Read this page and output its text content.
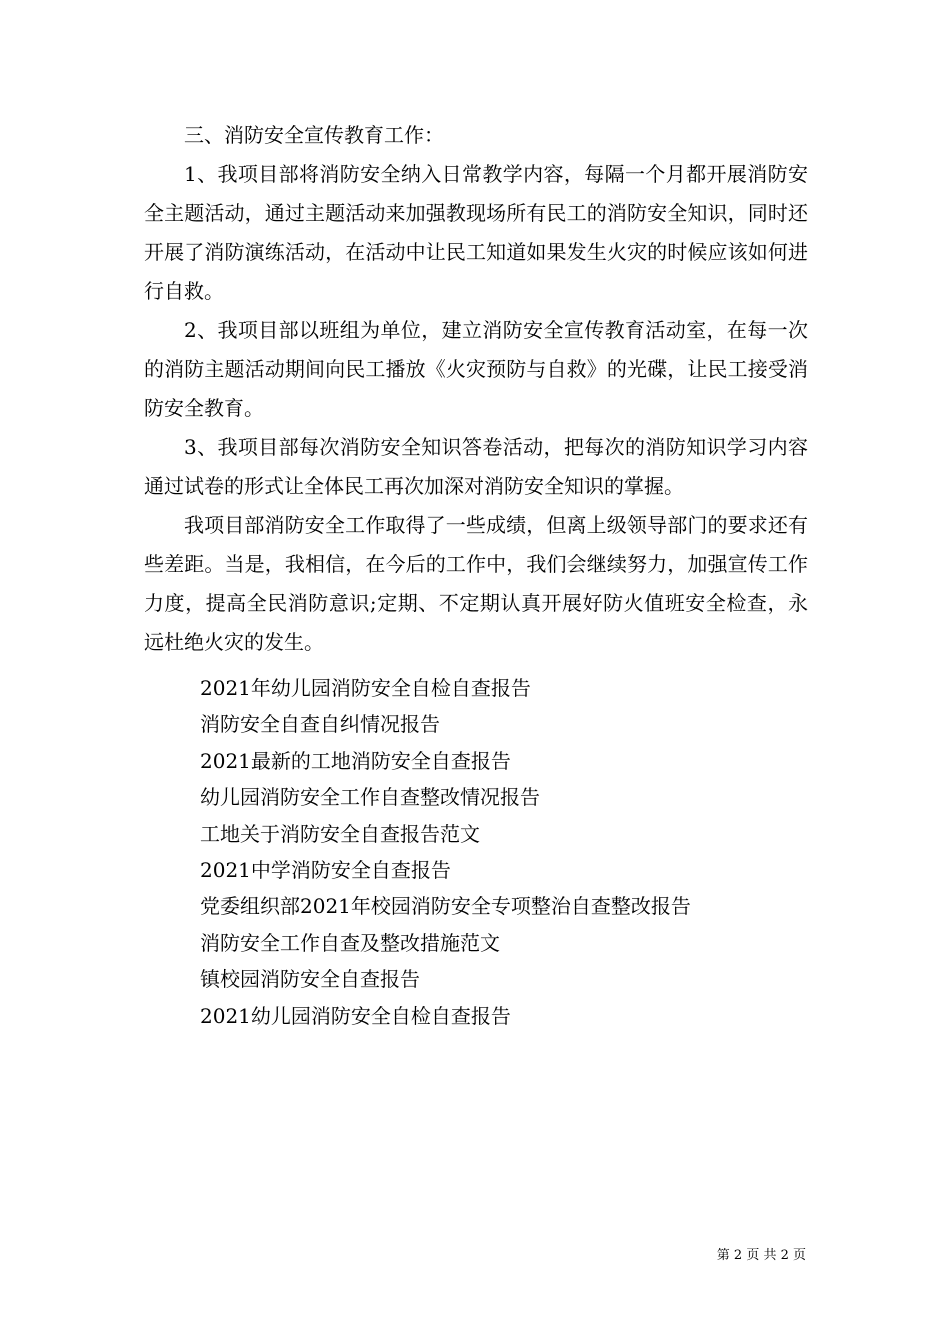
三、消防安全宣传教育工作：

1、我项目部将消防安全纳入日常教学内容，每隔一个月都开展消防安全主题活动，通过主题活动来加强教现场所有民工的消防安全知识，同时还开展了消防演练活动，在活动中让民工知道如果发生火灾的时候应该如何进行自救。

2、我项目部以班组为单位，建立消防安全宣传教育活动室，在每一次的消防主题活动期间向民工播放《火灾预防与自救》的光碟，让民工接受消防安全教育。

3、我项目部每次消防安全知识答卷活动，把每次的消防知识学习内容通过试卷的形式让全体民工再次加深对消防安全知识的掌握。

我项目部消防安全工作取得了一些成绩，但离上级领导部门的要求还有些差距。当是，我相信，在今后的工作中，我们会继续努力，加强宣传工作力度，提高全民消防意识;定期、不定期认真开展好防火值班安全检查，永远杜绝火灾的发生。

2021年幼儿园消防安全自检自查报告
消防安全自查自纠情况报告
2021最新的工地消防安全自查报告
幼儿园消防安全工作自查整改情况报告
工地关于消防安全自查报告范文
2021中学消防安全自查报告
党委组织部2021年校园消防安全专项整治自查整改报告
消防安全工作自查及整改措施范文
镇校园消防安全自查报告
2021幼儿园消防安全自检自查报告
第 2 页 共 2 页
